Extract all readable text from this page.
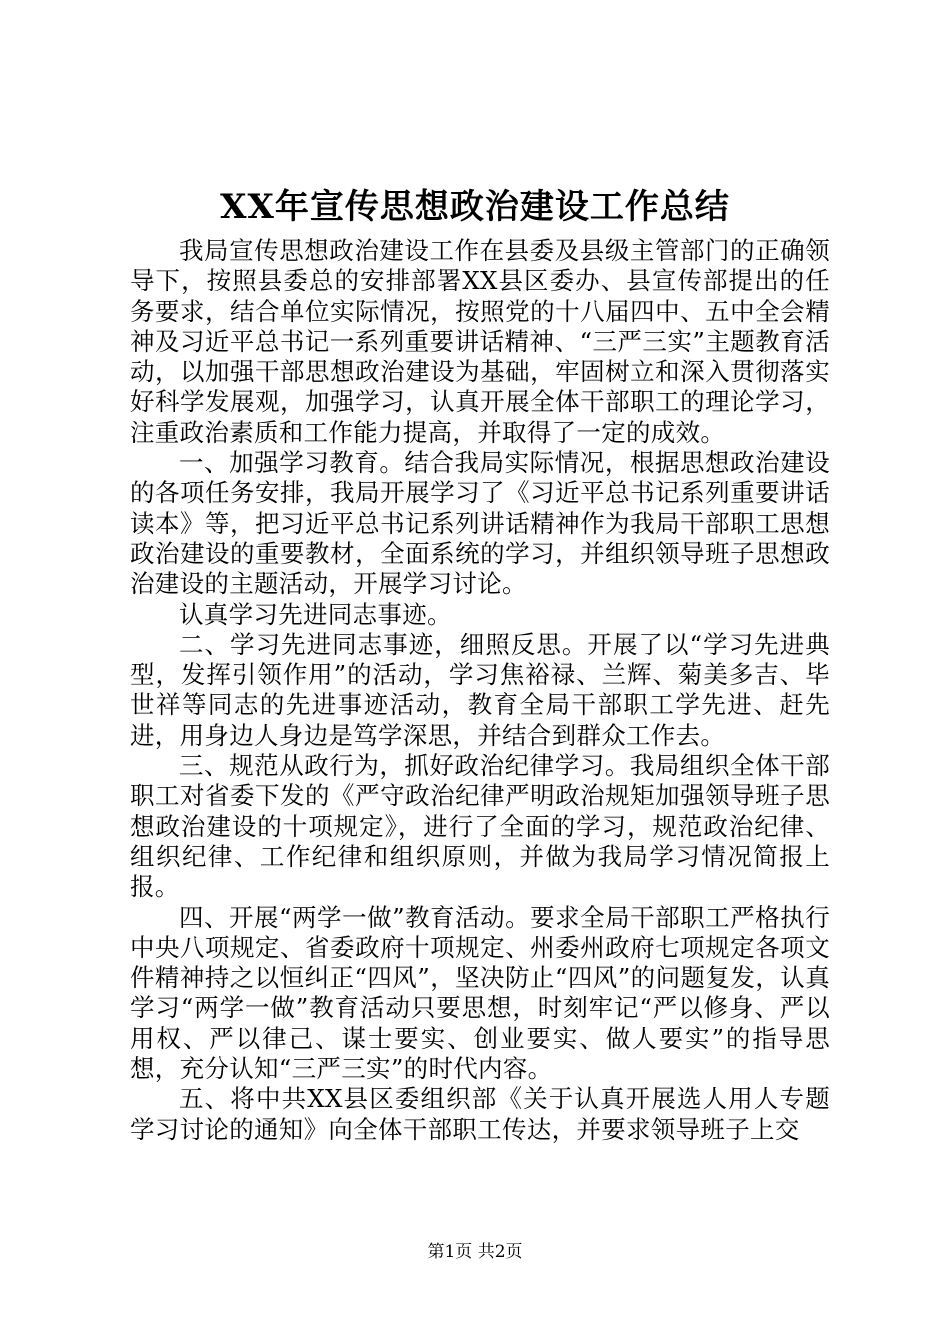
XX年宣传思想政治建设工作总结

我局宣传思想政治建设工作在县委及县级主管部门的正确领导下，按照县委总的安排部署XX县区委办、县宣传部提出的任务要求，结合单位实际情况，按照党的十八届四中、五中全会精神及习近平总书记一系列重要讲话精神、“三严三实”主题教育活动，以加强干部思想政治建设为基础，牢固树立和深入贯彻落实好科学发展观，加强学习，认真开展全体干部职工的理论学习，注重政治素质和工作能力提高，并取得了一定的成效。

一、加强学习教育。结合我局实际情况，根据思想政治建设的各项任务安排，我局开展学习了《习近平总书记系列重要讲话读本》等，把习近平总书记系列讲话精神作为我局干部职工思想政治建设的重要教材，全面系统的学习，并组织领导班子思想政治建设的主题活动，开展学习讨论。

认真学习先进同志事迹。

二、学习先进同志事迹，细照反思。开展了以“学习先进典型，发挥引领作用”的活动，学习焦裕禄、兰辉、菊美多吉、毕世祥等同志的先进事迹活动，教育全局干部职工学先进、赶先进，用身边人身边是笃学深思，并结合到群众工作去。

三、规范从政行为，抓好政治纪律学习。我局组织全体干部职工对省委下发的《严守政治纪律严明政治规矩加强领导班子思想政治建设的十项规定》，进行了全面的学习，规范政治纪律、组织纪律、工作纪律和组织原则，并做为我局学习情况简报上报。

四、开展“两学一做”教育活动。要求全局干部职工严格执行中央八项规定、省委政府十项规定、州委州政府七项规定各项文件精神持之以恒纠正“四风”，坚决防止“四风”的问题复发，认真学习“两学一做”教育活动只要思想，时刻牢记“严以修身、严以用权、严以律己、谋士要实、创业要实、做人要实”的指导思想，充分认知“三严三实”的时代内容。

五、将中共XX县区委组织部《关于认真开展选人用人专题学习讨论的通知》向全体干部职工传达，并要求领导班子上交

第1页 共2页
